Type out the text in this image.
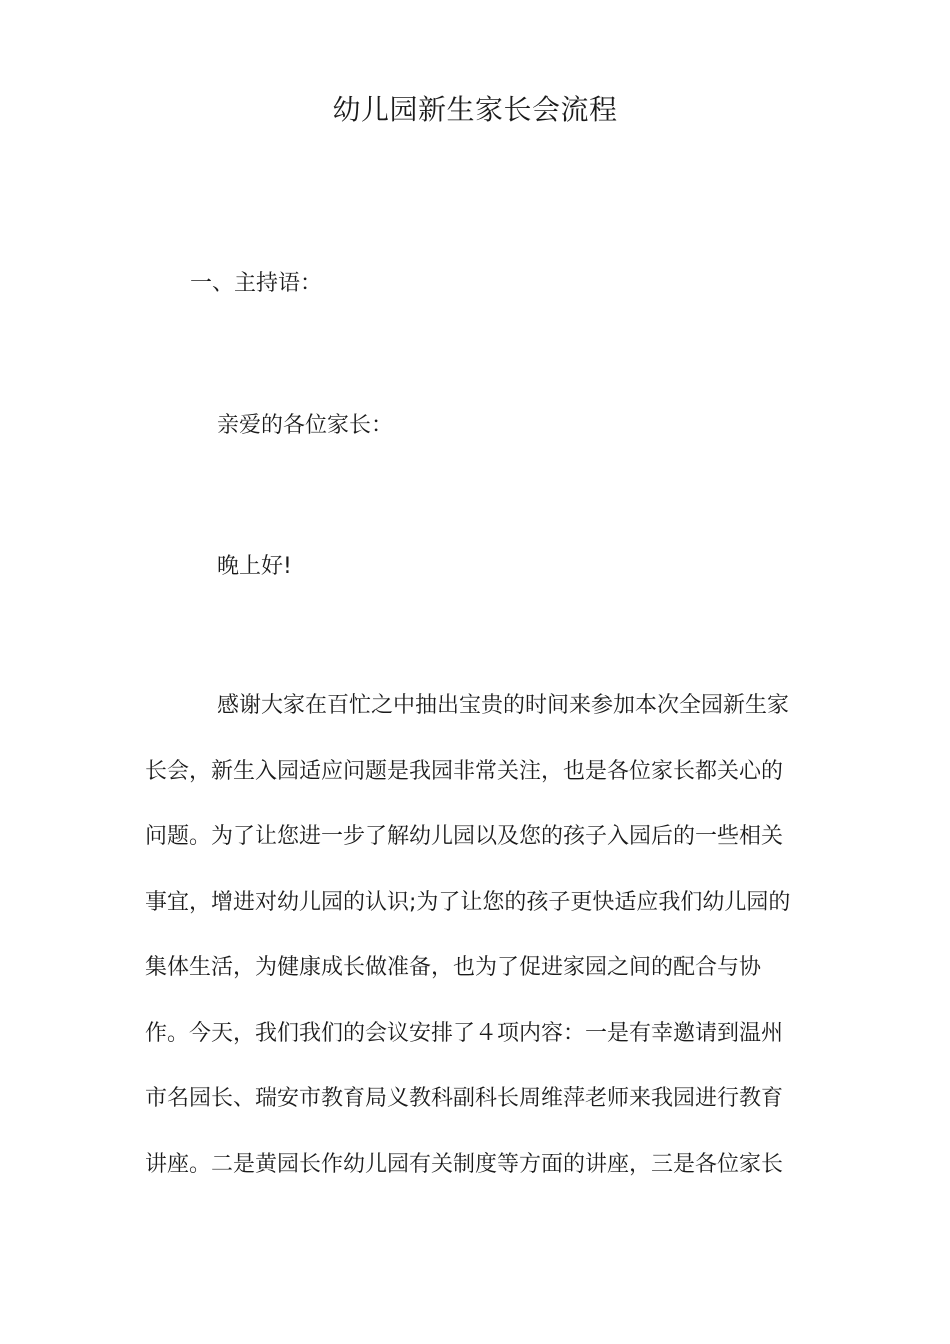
幼儿园新生家长会流程
一、主持语：
亲爱的各位家长：
晚上好!
感谢大家在百忙之中抽出宝贵的时间来参加本次全园新生家
长会，新生入园适应问题是我园非常关注，也是各位家长都关心的
问题。为了让您进一步了解幼儿园以及您的孩子入园后的一些相关
事宜，增进对幼儿园的认识;为了让您的孩子更快适应我们幼儿园的
集体生活，为健康成长做准备，也为了促进家园之间的配合与协
作。今天，我们我们的会议安排了４项内容：一是有幸邀请到温州
市名园长、瑞安市教育局义教科副科长周维萍老师来我园进行教育
讲座。二是黄园长作幼儿园有关制度等方面的讲座，三是各位家长
